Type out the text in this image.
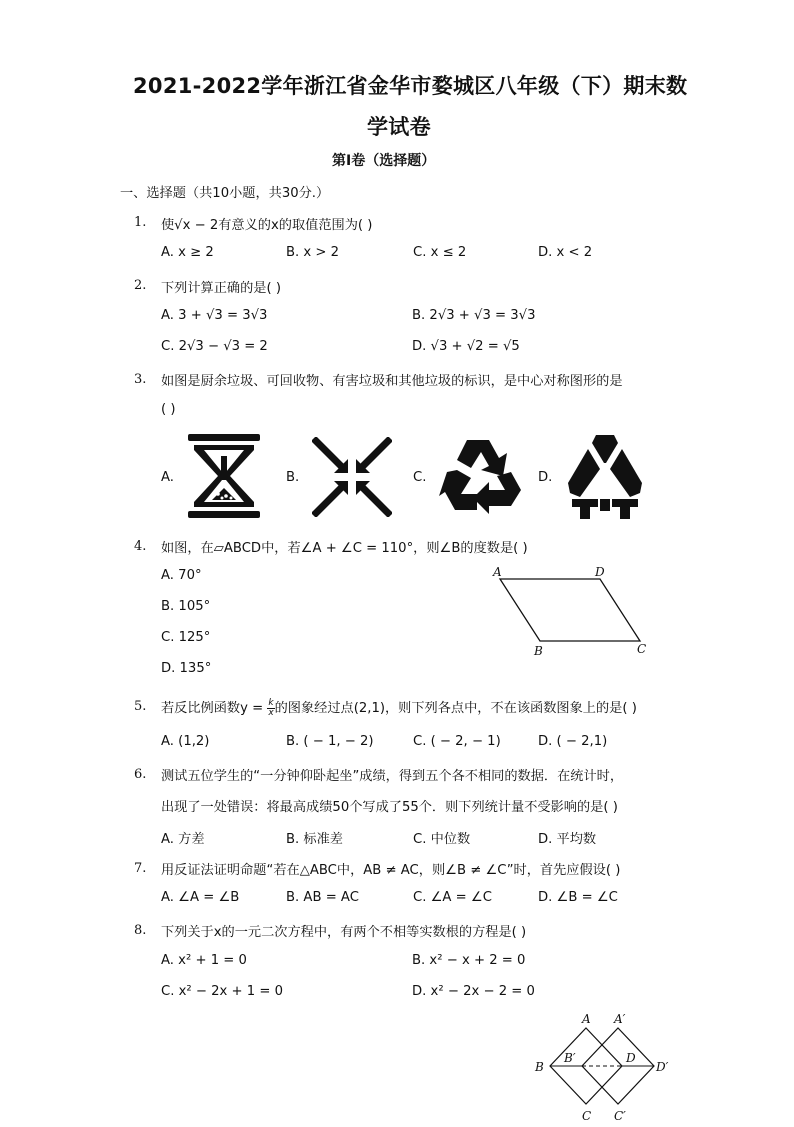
2021-2022学年浙江省金华市婺城区八年级（下）期末数
学试卷
第I卷（选择题）
一、选择题（共10小题，共30分.）
1. 使√x − 2有意义的x的取值范围为( )
A. x ≥ 2	B. x > 2	C. x ≤ 2	D. x < 2
2. 下列计算正确的是( )
A. 3 + √3 = 3√3	B. 2√3 + √3 = 3√3
C. 2√3 − √3 = 2	D. √3 + √2 = √5
3. 如图是厨余垃圾、可回收物、有害垃圾和其他垃圾的标识，是中心对称图形的是
( )
A.	B.	C.	D.
4. 如图，在▱ABCD中，若∠A + ∠C = 110°，则∠B的度数是( )
A. 70°
B. 105°
C. 125°
D. 135°
A	D
B	C
5. 若反比例函数$y = \frac{k}{x}$ 的图象经过点(2,1)，则下列各点中，不在该函数图象上的是( )
A. (1,2)	B. ( − 1, − 2)	C. ( − 2, − 1)	D. ( − 2,1)
6. 测试五位学生的“一分钟仰卧起坐”成绩，得到五个各不相同的数据．在统计时，
出现了一处错误：将最高成绩50个写成了55个．则下列统计量不受影响的是( )
A. 方差	B. 标准差	C. 中位数	D. 平均数
7. 用反证法证明命题“若在△ABC中，AB ≠ AC，则∠B ≠ ∠C”时，首先应假设( )
A. ∠A = ∠B	B. AB = AC	C. ∠A = ∠C	D. ∠B = ∠C
8. 下列关于x的一元二次方程中，有两个不相等实数根的方程是( )
A. x² + 1 = 0	B. x² − x + 2 = 0
C. x² − 2x + 1 = 0	D. x² − 2x − 2 = 0
A A′
B
B′	D
D′
C C′
